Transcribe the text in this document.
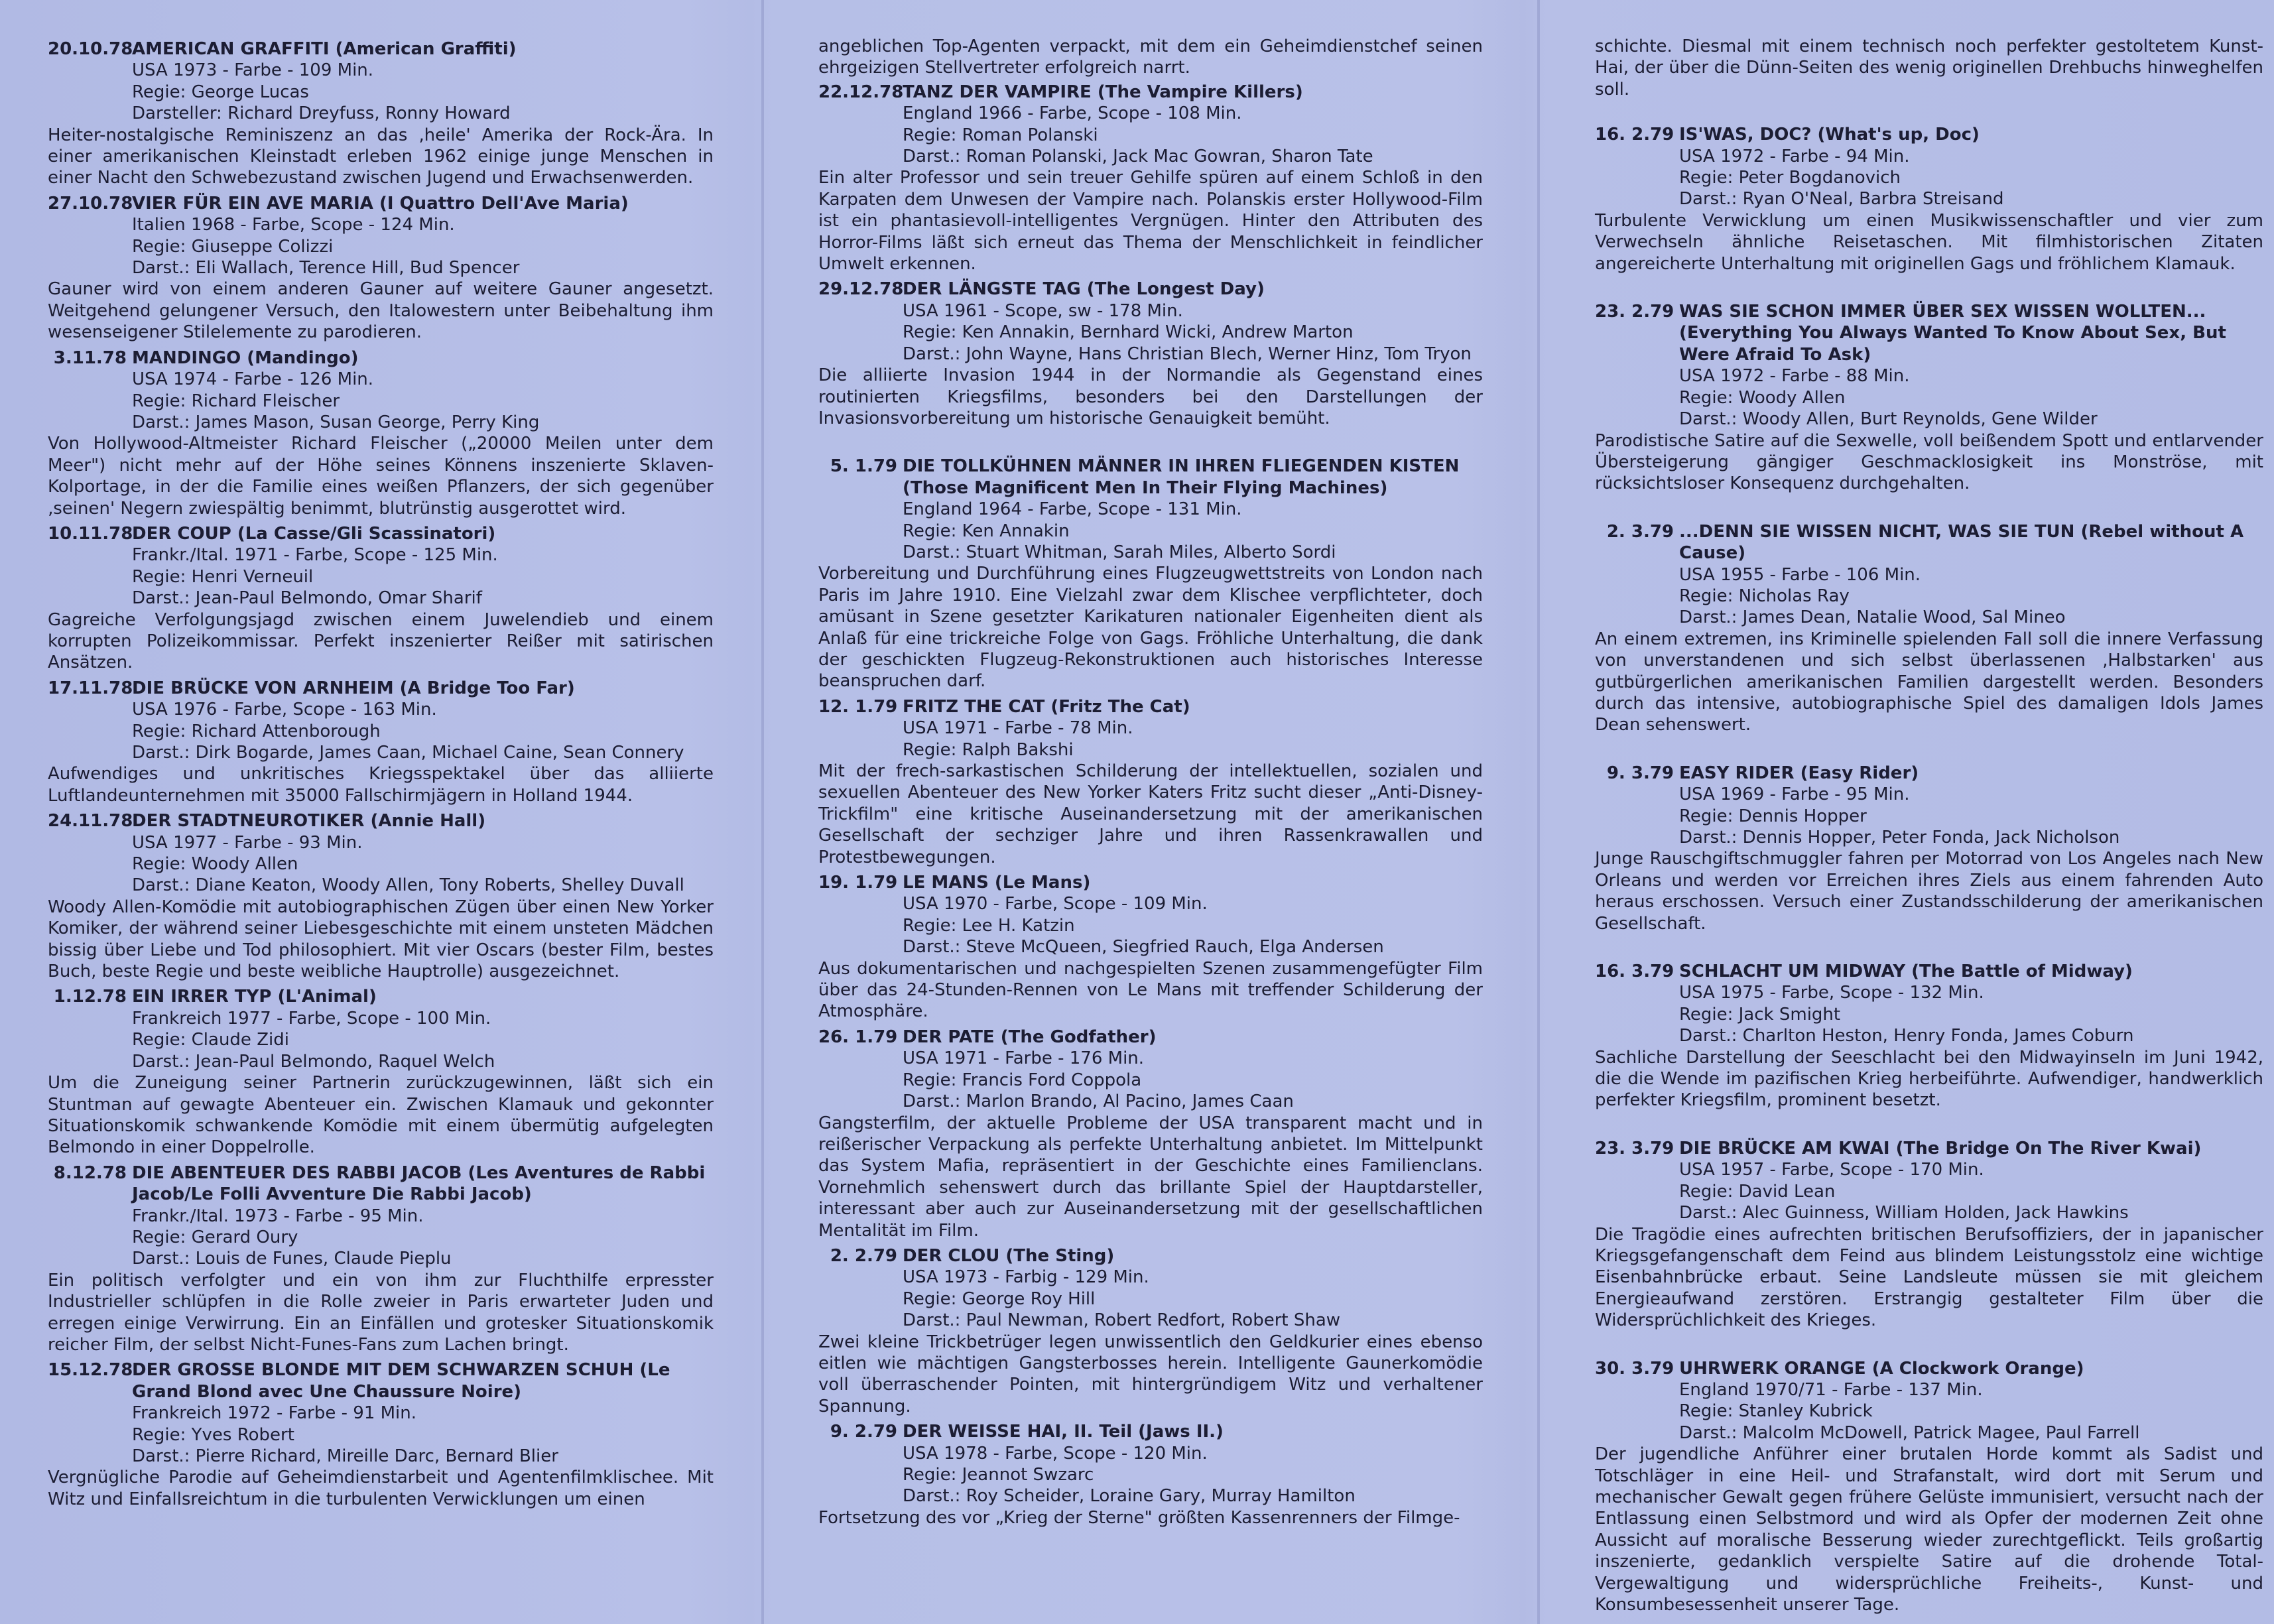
20.10.78
AMERICAN GRAFFITI (American Graffiti)
USA 1973 - Farbe - 109 Min.
Regie: George Lucas
Darsteller: Richard Dreyfuss, Ronny Howard
Heiter-nostalgische Reminiszenz an das ‚heile' Amerika der Rock-Ära. In einer amerikanischen Kleinstadt erleben 1962 einige junge Menschen in einer Nacht den Schwebezustand zwischen Jugend und Erwachsenwerden.
27.10.78
VIER FÜR EIN AVE MARIA (I Quattro Dell'Ave Maria)
Italien 1968 - Farbe, Scope - 124 Min.
Regie: Giuseppe Colizzi
Darst.: Eli Wallach, Terence Hill, Bud Spencer
Gauner wird von einem anderen Gauner auf weitere Gauner angesetzt. Weitgehend gelungener Versuch, den Italowestern unter Beibehaltung ihm wesenseigener Stilelemente zu parodieren.
3.11.78 MANDINGO (Mandingo)
USA 1974 - Farbe - 126 Min.
Regie: Richard Fleischer
Darst.: James Mason, Susan George, Perry King
Von Hollywood-Altmeister Richard Fleischer („20000 Meilen unter dem Meer") nicht mehr auf der Höhe seines Könnens inszenierte Sklaven-Kolportage, in der die Familie eines weißen Pflanzers, der sich gegenüber ‚seinen' Negern zwiespältig benimmt, blutrünstig ausgerottet wird.
10.11.78
DER COUP (La Casse/Gli Scassinatori)
Frankr./Ital. 1971 - Farbe, Scope - 125 Min.
Regie: Henri Verneuil
Darst.: Jean-Paul Belmondo, Omar Sharif
Gagreiche Verfolgungsjagd zwischen einem Juwelendieb und einem korrupten Polizeikommissar. Perfekt inszenierter Reißer mit satirischen Ansätzen.
17.11.78
DIE BRÜCKE VON ARNHEIM (A Bridge Too Far)
USA 1976 - Farbe, Scope - 163 Min.
Regie: Richard Attenborough
Darst.: Dirk Bogarde, James Caan, Michael Caine, Sean Connery
Aufwendiges und unkritisches Kriegsspektakel über das alliierte Luftlandeunternehmen mit 35000 Fallschirmjägern in Holland 1944.
24.11.78
DER STADTNEUROTIKER (Annie Hall)
USA 1977 - Farbe - 93 Min.
Regie: Woody Allen
Darst.: Diane Keaton, Woody Allen, Tony Roberts, Shelley Duvall
Woody Allen-Komödie mit autobiographischen Zügen über einen New Yorker Komiker, der während seiner Liebesgeschichte mit einem unsteten Mädchen bissig über Liebe und Tod philosophiert. Mit vier Oscars (bester Film, bestes Buch, beste Regie und beste weibliche Hauptrolle) ausgezeichnet.
1.12.78 EIN IRRER TYP (L'Animal)
Frankreich 1977 - Farbe, Scope - 100 Min.
Regie: Claude Zidi
Darst.: Jean-Paul Belmondo, Raquel Welch
Um die Zuneigung seiner Partnerin zurückzugewinnen, läßt sich ein Stuntman auf gewagte Abenteuer ein. Zwischen Klamauk und gekonnter Situationskomik schwankende Komödie mit einem übermütig aufgelegten Belmondo in einer Doppelrolle.
8.12.78 DIE ABENTEUER DES RABBI JACOB (Les Aventures de Rabbi Jacob/Le Folli Avventure Die Rabbi Jacob)
Frankr./Ital. 1973 - Farbe - 95 Min.
Regie: Gerard Oury
Darst.: Louis de Funes, Claude Pieplu
Ein politisch verfolgter und ein von ihm zur Fluchthilfe erpresster Industrieller schlüpfen in die Rolle zweier in Paris erwarteter Juden und erregen einige Verwirrung. Ein an Einfällen und grotesker Situationskomik reicher Film, der selbst Nicht-Funes-Fans zum Lachen bringt.
15.12.78
DER GROSSE BLONDE MIT DEM SCHWARZEN SCHUH (Le Grand Blond avec Une Chaussure Noire)
Frankreich 1972 - Farbe - 91 Min.
Regie: Yves Robert
Darst.: Pierre Richard, Mireille Darc, Bernard Blier
Vergnügliche Parodie auf Geheimdienstarbeit und Agentenfilmklischee. Mit Witz und Einfallsreichtum in die turbulenten Verwicklungen um einen
angeblichen Top-Agenten verpackt, mit dem ein Geheimdienstchef seinen ehrgeizigen Stellvertreter erfolgreich narrt.
22.12.78
TANZ DER VAMPIRE (The Vampire Killers)
England 1966 - Farbe, Scope - 108 Min.
Regie: Roman Polanski
Darst.: Roman Polanski, Jack Mac Gowran, Sharon Tate
Ein alter Professor und sein treuer Gehilfe spüren auf einem Schloß in den Karpaten dem Unwesen der Vampire nach. Polanskis erster Hollywood-Film ist ein phantasievoll-intelligentes Vergnügen. Hinter den Attributen des Horror-Films läßt sich erneut das Thema der Menschlichkeit in feindlicher Umwelt erkennen.
29.12.78
DER LÄNGSTE TAG (The Longest Day)
USA 1961 - Scope, sw - 178 Min.
Regie: Ken Annakin, Bernhard Wicki, Andrew Marton
Darst.: John Wayne, Hans Christian Blech, Werner Hinz, Tom Tryon
Die alliierte Invasion 1944 in der Normandie als Gegenstand eines routinierten Kriegsfilms, besonders bei den Darstellungen der Invasionsvorbereitung um historische Genauigkeit bemüht.
5. 1.79 DIE TOLLKÜHNEN MÄNNER IN IHREN FLIEGENDEN KISTEN (Those Magnificent Men In Their Flying Machines)
England 1964 - Farbe, Scope - 131 Min.
Regie: Ken Annakin
Darst.: Stuart Whitman, Sarah Miles, Alberto Sordi
Vorbereitung und Durchführung eines Flugzeugwettstreits von London nach Paris im Jahre 1910. Eine Vielzahl zwar dem Klischee verpflichteter, doch amüsant in Szene gesetzter Karikaturen nationaler Eigenheiten dient als Anlaß für eine trickreiche Folge von Gags. Fröhliche Unterhaltung, die dank der geschickten Flugzeug-Rekonstruktionen auch historisches Interesse beanspruchen darf.
12. 1.79 FRITZ THE CAT (Fritz The Cat)
USA 1971 - Farbe - 78 Min.
Regie: Ralph Bakshi
Mit der frech-sarkastischen Schilderung der intellektuellen, sozialen und sexuellen Abenteuer des New Yorker Katers Fritz sucht dieser „Anti-Disney-Trickfilm" eine kritische Auseinandersetzung mit der amerikanischen Gesellschaft der sechziger Jahre und ihren Rassenkrawallen und Protestbewegungen.
19. 1.79 LE MANS (Le Mans)
USA 1970 - Farbe, Scope - 109 Min.
Regie: Lee H. Katzin
Darst.: Steve McQueen, Siegfried Rauch, Elga Andersen
Aus dokumentarischen und nachgespielten Szenen zusammengefügter Film über das 24-Stunden-Rennen von Le Mans mit treffender Schilderung der Atmosphäre.
26. 1.79 DER PATE (The Godfather)
USA 1971 - Farbe - 176 Min.
Regie: Francis Ford Coppola
Darst.: Marlon Brando, Al Pacino, James Caan
Gangsterfilm, der aktuelle Probleme der USA transparent macht und in reißerischer Verpackung als perfekte Unterhaltung anbietet. Im Mittelpunkt das System Mafia, repräsentiert in der Geschichte eines Familienclans. Vornehmlich sehenswert durch das brillante Spiel der Hauptdarsteller, interessant aber auch zur Auseinandersetzung mit der gesellschaftlichen Mentalität im Film.
2. 2.79 DER CLOU (The Sting)
USA 1973 - Farbig - 129 Min.
Regie: George Roy Hill
Darst.: Paul Newman, Robert Redfort, Robert Shaw
Zwei kleine Trickbetrüger legen unwissentlich den Geldkurier eines ebenso eitlen wie mächtigen Gangsterbosses herein. Intelligente Gaunerkomödie voll überraschender Pointen, mit hintergründigem Witz und verhaltener Spannung.
9. 2.79 DER WEISSE HAI, II. Teil (Jaws II.)
USA 1978 - Farbe, Scope - 120 Min.
Regie: Jeannot Swzarc
Darst.: Roy Scheider, Loraine Gary, Murray Hamilton
Fortsetzung des vor „Krieg der Sterne" größten Kassenrenners der Filmge-
schichte. Diesmal mit einem technisch noch perfekter gestoltetem Kunst-Hai, der über die Dünn-Seiten des wenig originellen Drehbuchs hinweghelfen soll.
16. 2.79 IS'WAS, DOC? (What's up, Doc)
USA 1972 - Farbe - 94 Min.
Regie: Peter Bogdanovich
Darst.: Ryan O'Neal, Barbra Streisand
Turbulente Verwicklung um einen Musikwissenschaftler und vier zum Verwechseln ähnliche Reisetaschen. Mit filmhistorischen Zitaten angereicherte Unterhaltung mit originellen Gags und fröhlichem Klamauk.
23. 2.79 WAS SIE SCHON IMMER ÜBER SEX WISSEN WOLLTEN... (Everything You Always Wanted To Know About Sex, But Were Afraid To Ask)
USA 1972 - Farbe - 88 Min.
Regie: Woody Allen
Darst.: Woody Allen, Burt Reynolds, Gene Wilder
Parodistische Satire auf die Sexwelle, voll beißendem Spott und entlarvender Übersteigerung gängiger Geschmacklosigkeit ins Monströse, mit rücksichtsloser Konsequenz durchgehalten.
2. 3.79 ...DENN SIE WISSEN NICHT, WAS SIE TUN (Rebel without A Cause)
USA 1955 - Farbe - 106 Min.
Regie: Nicholas Ray
Darst.: James Dean, Natalie Wood, Sal Mineo
An einem extremen, ins Kriminelle spielenden Fall soll die innere Verfassung von unverstandenen und sich selbst überlassenen ‚Halbstarken' aus gutbürgerlichen amerikanischen Familien dargestellt werden. Besonders durch das intensive, autobiographische Spiel des damaligen Idols James Dean sehenswert.
9. 3.79 EASY RIDER (Easy Rider)
USA 1969 - Farbe - 95 Min.
Regie: Dennis Hopper
Darst.: Dennis Hopper, Peter Fonda, Jack Nicholson
Junge Rauschgiftschmuggler fahren per Motorrad von Los Angeles nach New Orleans und werden vor Erreichen ihres Ziels aus einem fahrenden Auto heraus erschossen. Versuch einer Zustandsschilderung der amerikanischen Gesellschaft.
16. 3.79 SCHLACHT UM MIDWAY (The Battle of Midway)
USA 1975 - Farbe, Scope - 132 Min.
Regie: Jack Smight
Darst.: Charlton Heston, Henry Fonda, James Coburn
Sachliche Darstellung der Seeschlacht bei den Midwayinseln im Juni 1942, die die Wende im pazifischen Krieg herbeiführte. Aufwendiger, handwerklich perfekter Kriegsfilm, prominent besetzt.
23. 3.79 DIE BRÜCKE AM KWAI (The Bridge On The River Kwai)
USA 1957 - Farbe, Scope - 170 Min.
Regie: David Lean
Darst.: Alec Guinness, William Holden, Jack Hawkins
Die Tragödie eines aufrechten britischen Berufsoffiziers, der in japanischer Kriegsgefangenschaft dem Feind aus blindem Leistungsstolz eine wichtige Eisenbahnbrücke erbaut. Seine Landsleute müssen sie mit gleichem Energieaufwand zerstören. Erstrangig gestalteter Film über die Widersprüchlichkeit des Krieges.
30. 3.79 UHRWERK ORANGE (A Clockwork Orange)
England 1970/71 - Farbe - 137 Min.
Regie: Stanley Kubrick
Darst.: Malcolm McDowell, Patrick Magee, Paul Farrell
Der jugendliche Anführer einer brutalen Horde kommt als Sadist und Totschläger in eine Heil- und Strafanstalt, wird dort mit Serum und mechanischer Gewalt gegen frühere Gelüste immunisiert, versucht nach der Entlassung einen Selbstmord und wird als Opfer der modernen Zeit ohne Aussicht auf moralische Besserung wieder zurechtgeflickt. Teils großartig inszenierte, gedanklich verspielte Satire auf die drohende Total-Vergewaltigung und widersprüchliche Freiheits-, Kunst- und Konsumbesessenheit unserer Tage.
